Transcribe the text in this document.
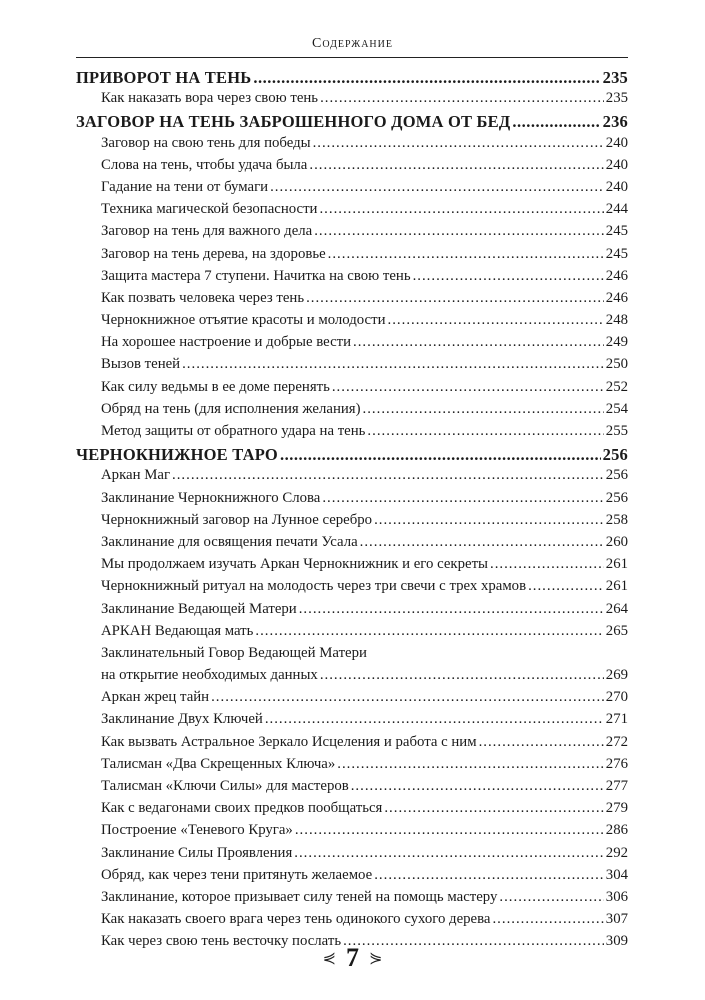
Содержание
ПРИВОРОТ НА ТЕНЬ .....	235
Как наказать вора через свою тень .....	235
ЗАГОВОР НА ТЕНЬ ЗАБРОШЕННОГО ДОМА ОТ БЕД .....	236
Заговор на свою тень для победы .....	240
Слова на тень, чтобы удача была .....	240
Гадание на тени от бумаги .....	240
Техника магической безопасности .....	244
Заговор на тень для важного дела .....	245
Заговор на тень дерева, на здоровье .....	245
Защита мастера 7 ступени. Начитка на свою тень .....	246
Как позвать человека через тень .....	246
Чернокнижное отъятие красоты и молодости .....	248
На хорошее настроение и добрые вести .....	249
Вызов теней .....	250
Как силу ведьмы в ее доме перенять .....	252
Обряд на тень (для исполнения желания) .....	254
Метод защиты от обратного удара на тень .....	255
ЧЕРНОКНИЖНОЕ ТАРО .....	256
Аркан Маг .....	256
Заклинание Чернокнижного Слова .....	256
Чернокнижный заговор на Лунное серебро .....	258
Заклинание для освящения печати Усала .....	260
Мы продолжаем изучать Аркан Чернокнижник и его секреты .....	261
Чернокнижный ритуал на молодость через три свечи с трех храмов .....	261
Заклинание Ведающей Матери .....	264
АРКАН Ведающая мать .....	265
Заклинательный Говор Ведающей Матери
на открытие необходимых данных .....	269
Аркан жрец тайн .....	270
Заклинание Двух Ключей .....	271
Как вызвать Астральное Зеркало Исцеления и работа с ним .....	272
Талисман «Два Скрещенных Ключа» .....	276
Талисман «Ключи Силы» для мастеров .....	277
Как с ведагонами своих предков пообщаться .....	279
Построение «Теневого Круга» .....	286
Заклинание Силы Проявления .....	292
Обряд, как через тени притянуть желаемое .....	304
Заклинание, которое призывает силу теней на помощь мастеру .....	306
Как наказать своего врага через тень одинокого сухого дерева .....	307
Как через свою тень весточку послать .....	309
⋞ 7 ⋟
